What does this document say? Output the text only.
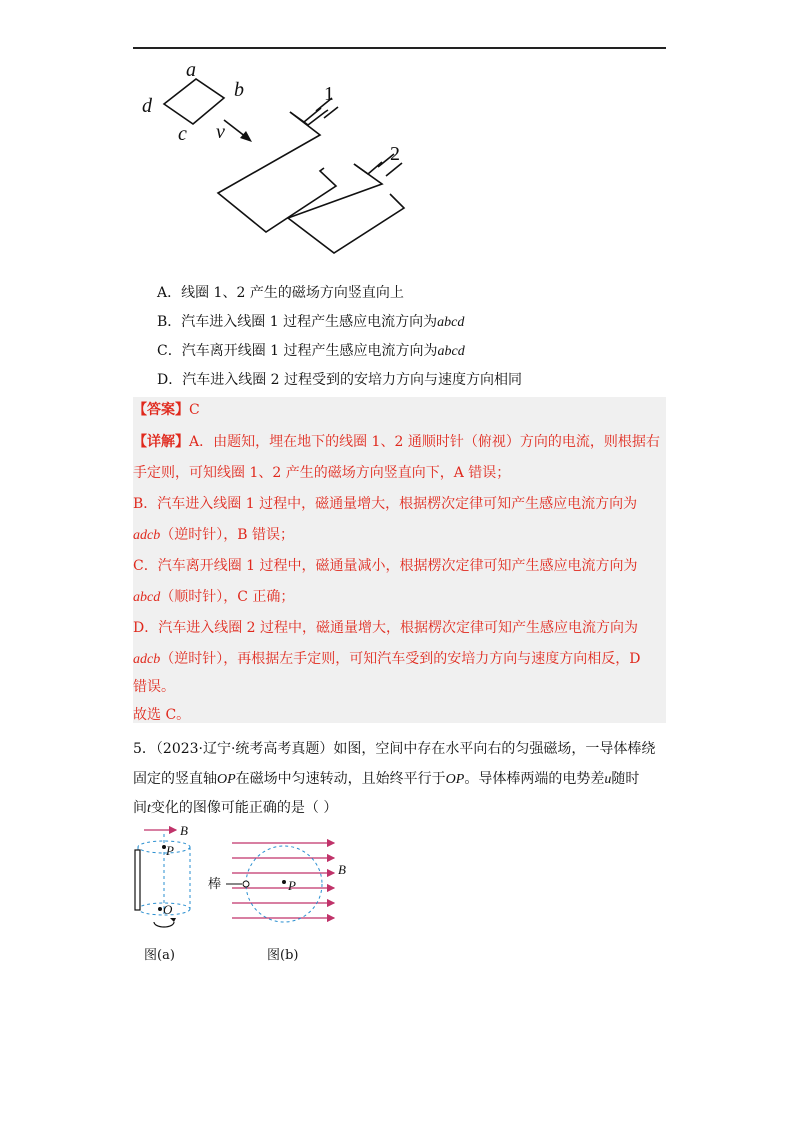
a
b
c
d
v
1
2
A．线圈 1、2 产生的磁场方向竖直向上
B．汽车进入线圈 1 过程产生感应电流方向为abcd
C．汽车离开线圈 1 过程产生感应电流方向为abcd
D．汽车进入线圈 2 过程受到的安培力方向与速度方向相同
【答案】C
【详解】A．由题知，埋在地下的线圈 1、2 通顺时针（俯视）方向的电流，则根据右
手定则，可知线圈 1、2 产生的磁场方向竖直向下，A 错误；
B．汽车进入线圈 1 过程中，磁通量增大，根据楞次定律可知产生感应电流方向为
adcb（逆时针），B 错误；
C．汽车离开线圈 1 过程中，磁通量减小，根据楞次定律可知产生感应电流方向为
abcd（顺时针），C 正确；
D．汽车进入线圈 2 过程中，磁通量增大，根据楞次定律可知产生感应电流方向为
adcb（逆时针），再根据左手定则，可知汽车受到的安培力方向与速度方向相反，D
错误。
故选 C。
5．（2023·辽宁·统考高考真题）如图，空间中存在水平向右的匀强磁场，一导体棒绕
固定的竖直轴OP在磁场中匀速转动，且始终平行于OP。导体棒两端的电势差u随时
间t变化的图像可能正确的是（ ）
B
P
O
B
棒	P
图(a)	图(b)
